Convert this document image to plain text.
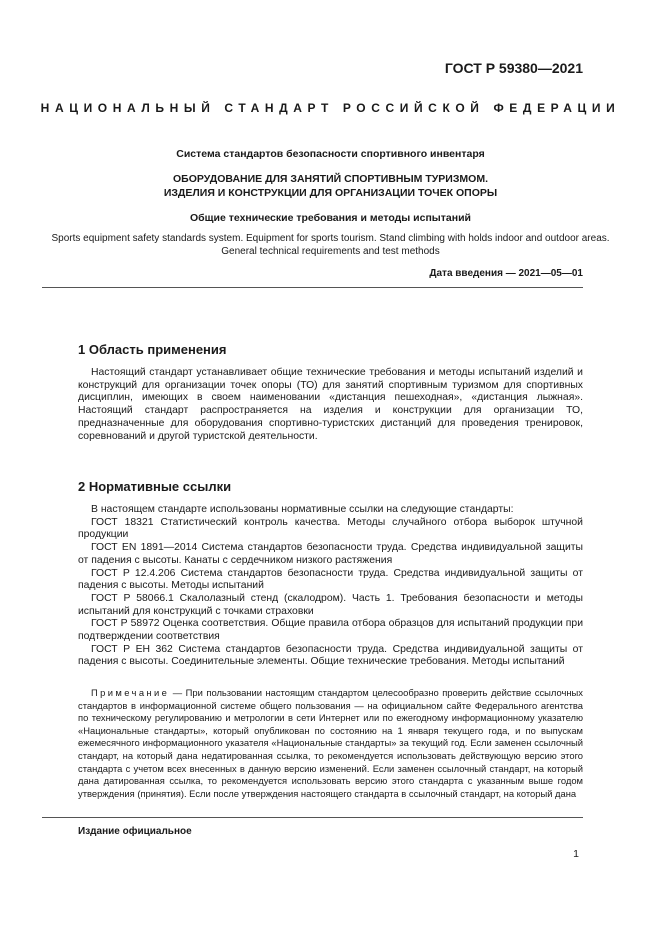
ГОСТ Р 59380—2021
НАЦИОНАЛЬНЫЙ СТАНДАРТ РОССИЙСКОЙ ФЕДЕРАЦИИ
Система стандартов безопасности спортивного инвентаря
ОБОРУДОВАНИЕ ДЛЯ ЗАНЯТИЙ СПОРТИВНЫМ ТУРИЗМОМ.
ИЗДЕЛИЯ И КОНСТРУКЦИИ ДЛЯ ОРГАНИЗАЦИИ ТОЧЕК ОПОРЫ
Общие технические требования и методы испытаний
Sports equipment safety standards system. Equipment for sports tourism. Stand climbing with holds indoor and outdoor areas. General technical requirements and test methods
Дата введения — 2021—05—01
1 Область применения
Настоящий стандарт устанавливает общие технические требования и методы испытаний изделий и конструкций для организации точек опоры (ТО) для занятий спортивным туризмом для спортивных дисциплин, имеющих в своем наименовании «дистанция пешеходная», «дистанция лыжная». Настоящий стандарт распространяется на изделия и конструкции для организации ТО, предназначенные для оборудования спортивно-туристских дистанций для проведения тренировок, соревнований и другой туристской деятельности.
2 Нормативные ссылки
В настоящем стандарте использованы нормативные ссылки на следующие стандарты:
ГОСТ 18321 Статистический контроль качества. Методы случайного отбора выборок штучной продукции
ГОСТ EN 1891—2014 Система стандартов безопасности труда. Средства индивидуальной защиты от падения с высоты. Канаты с сердечником низкого растяжения
ГОСТ Р 12.4.206 Система стандартов безопасности труда. Средства индивидуальной защиты от падения с высоты. Методы испытаний
ГОСТ Р 58066.1 Скалолазный стенд (скалодром). Часть 1. Требования безопасности и методы испытаний для конструкций с точками страховки
ГОСТ Р 58972 Оценка соответствия. Общие правила отбора образцов для испытаний продукции при подтверждении соответствия
ГОСТ Р ЕН 362 Система стандартов безопасности труда. Средства индивидуальной защиты от падения с высоты. Соединительные элементы. Общие технические требования. Методы испытаний
Примечание — При пользовании настоящим стандартом целесообразно проверить действие ссылочных стандартов в информационной системе общего пользования — на официальном сайте Федерального агентства по техническому регулированию и метрологии в сети Интернет или по ежегодному информационному указателю «Национальные стандарты», который опубликован по состоянию на 1 января текущего года, и по выпускам ежемесячного информационного указателя «Национальные стандарты» за текущий год. Если заменен ссылочный стандарт, на который дана недатированная ссылка, то рекомендуется использовать действующую версию этого стандарта с учетом всех внесенных в данную версию изменений. Если заменен ссылочный стандарт, на который дана датированная ссылка, то рекомендуется использовать версию этого стандарта с указанным выше годом утверждения (принятия). Если после утверждения настоящего стандарта в ссылочный стандарт, на который дана
Издание официальное
1
